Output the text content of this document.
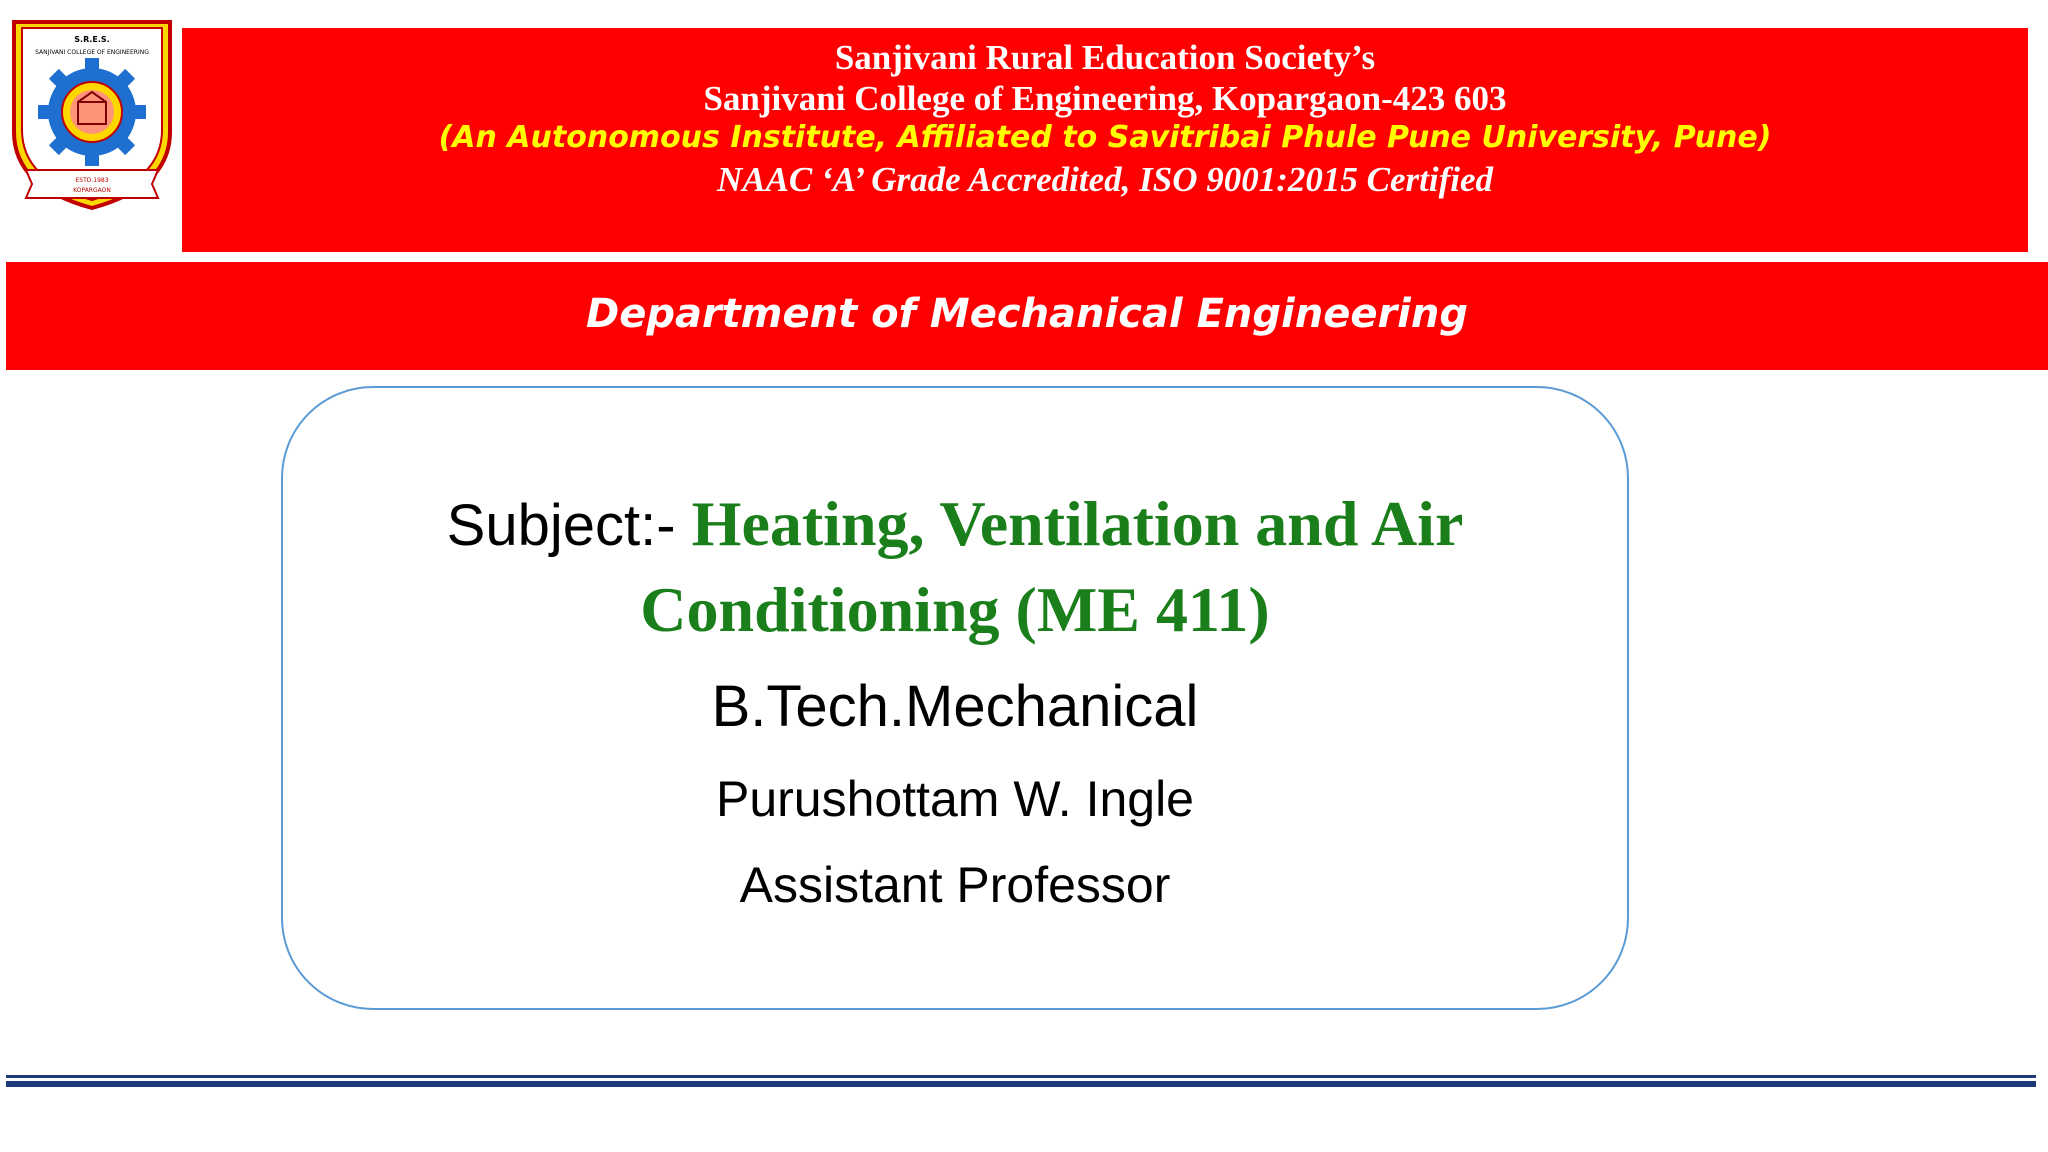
S.R.E.S.
SANJIVANI COLLEGE OF ENGINEERING
ESTD.1983
KOPARGAON
Sanjivani Rural Education Society’s
Sanjivani College of Engineering, Kopargaon-423 603
(An Autonomous Institute, Affiliated to Savitribai Phule Pune University, Pune)
NAAC ‘A’ Grade Accredited, ISO 9001:2015 Certified
Department of Mechanical Engineering
Subject:- Heating, Ventilation and Air
Conditioning (ME 411)
B.Tech.Mechanical
Purushottam W. Ingle
Assistant Professor
